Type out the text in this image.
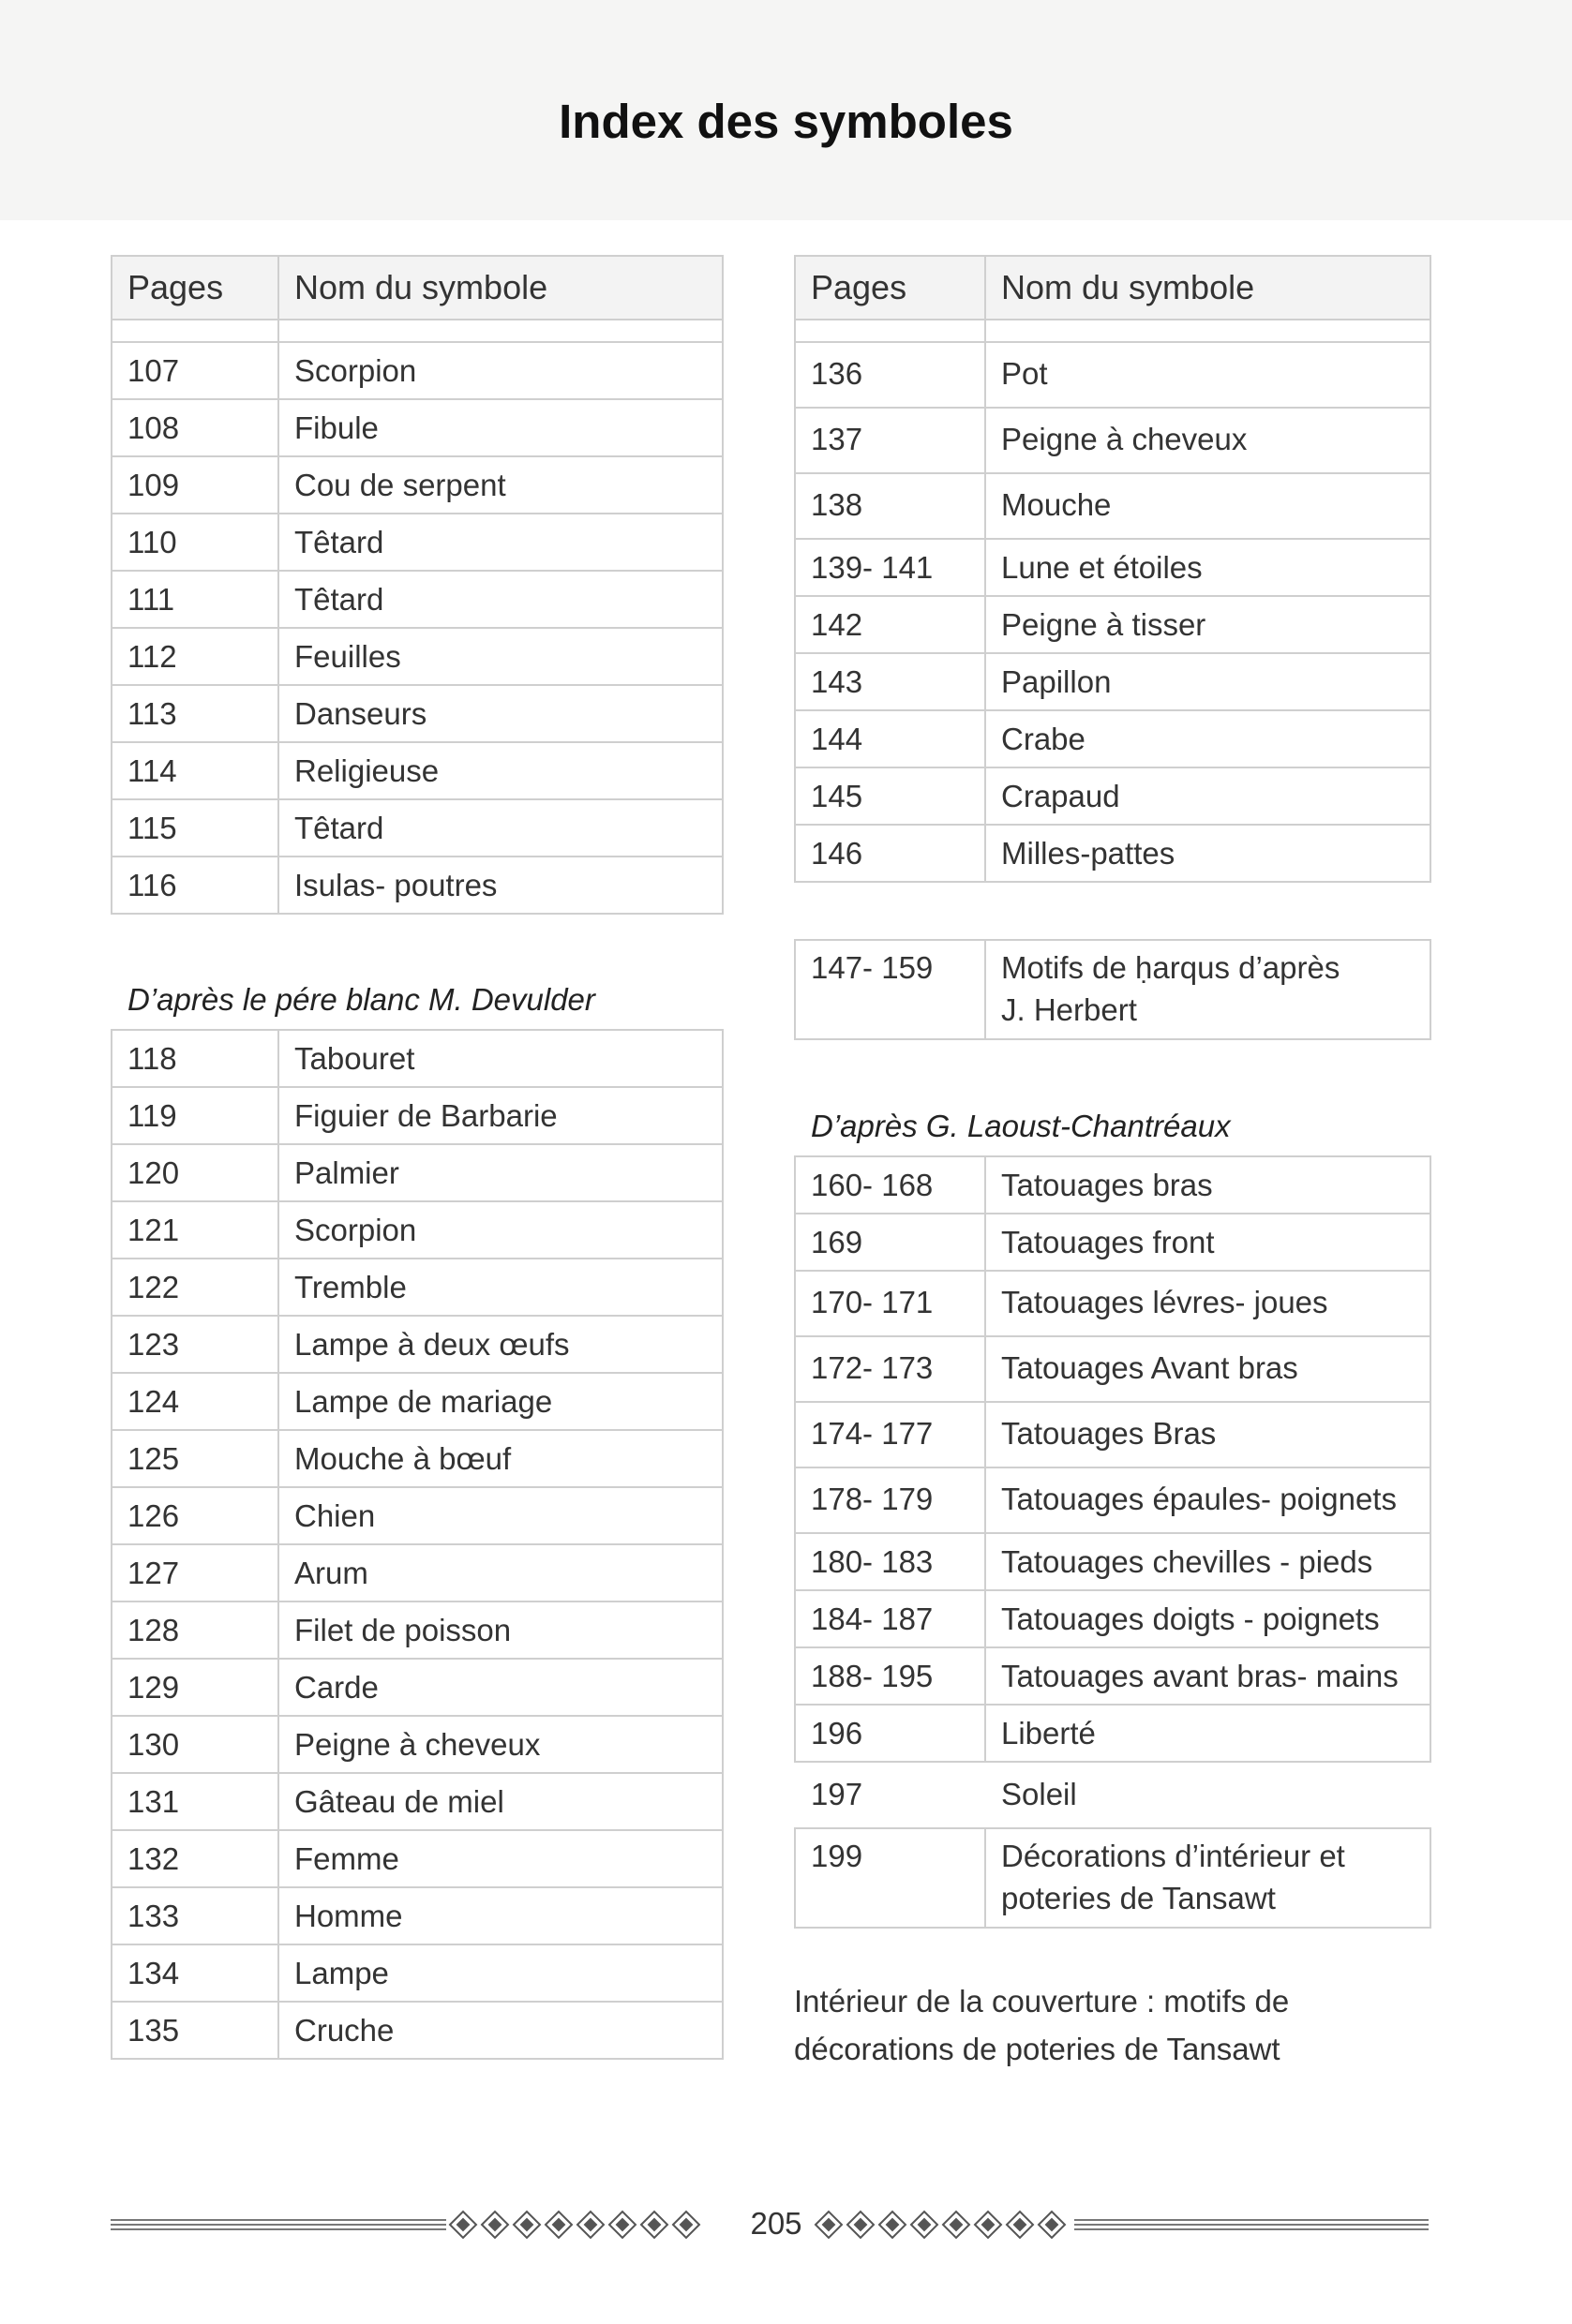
Index des symboles
Pages	Nom du symbole

107	Scorpion
108	Fibule
109	Cou de serpent
110	Têtard
111	Têtard
112	Feuilles
113	Danseurs
114	Religieuse
115	Têtard
116	Isulas- poutres
D’après le pére blanc M. Devulder
118	Tabouret
119	Figuier de Barbarie
120	Palmier
121	Scorpion
122	Tremble
123	Lampe à deux œufs
124	Lampe de mariage
125	Mouche à bœuf
126	Chien
127	Arum
128	Filet de poisson
129	Carde
130	Peigne à cheveux
131	Gâteau de miel
132	Femme
133	Homme
134	Lampe
135	Cruche
Pages	Nom du symbole

136	Pot
137	Peigne à cheveux
138	Mouche
139- 141	Lune et étoiles
142	Peigne à tisser
143	Papillon
144	Crabe
145	Crapaud
146	Milles-pattes
147- 159	Motifs de ḥarqus d’après
J. Herbert
D’après G. Laoust-Chantréaux
160- 168	Tatouages bras
169	Tatouages front
170- 171	Tatouages lévres- joues
172- 173	Tatouages Avant bras
174- 177	Tatouages Bras
178- 179	Tatouages épaules- poignets
180- 183	Tatouages chevilles - pieds
184- 187	Tatouages doigts - poignets
188- 195	Tatouages avant bras- mains
196	Liberté
197	Soleil
199	Décorations d’intérieur et
poteries de Tansawt
Intérieur de la couverture : motifs de
décorations de poteries de Tansawt
205
